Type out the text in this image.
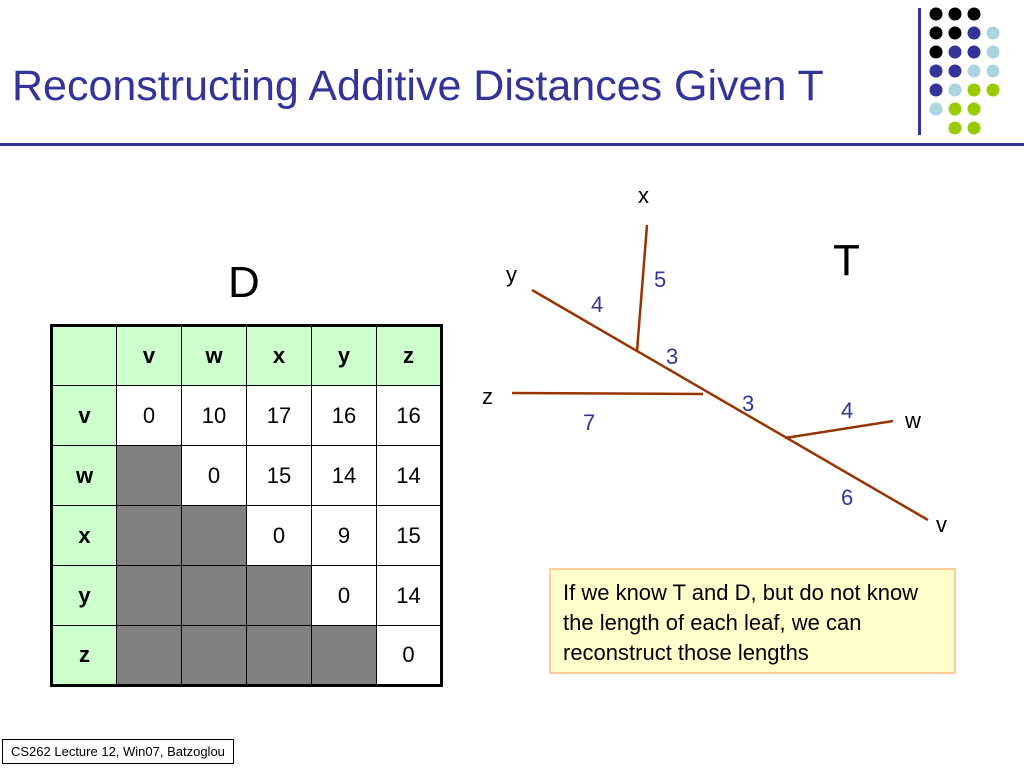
Reconstructing Additive Distances Given T
D
	v	w	x	y	z
v	0	10	17	16	16
w		0	15	14	14
x			0	9	15
y				0	14
z					0
T
x
y
z
w
v
4
5
3
7
3	4
6
If we know T and D, but do not know the length of each leaf, we can reconstruct those lengths
CS262 Lecture 12, Win07, Batzoglou
